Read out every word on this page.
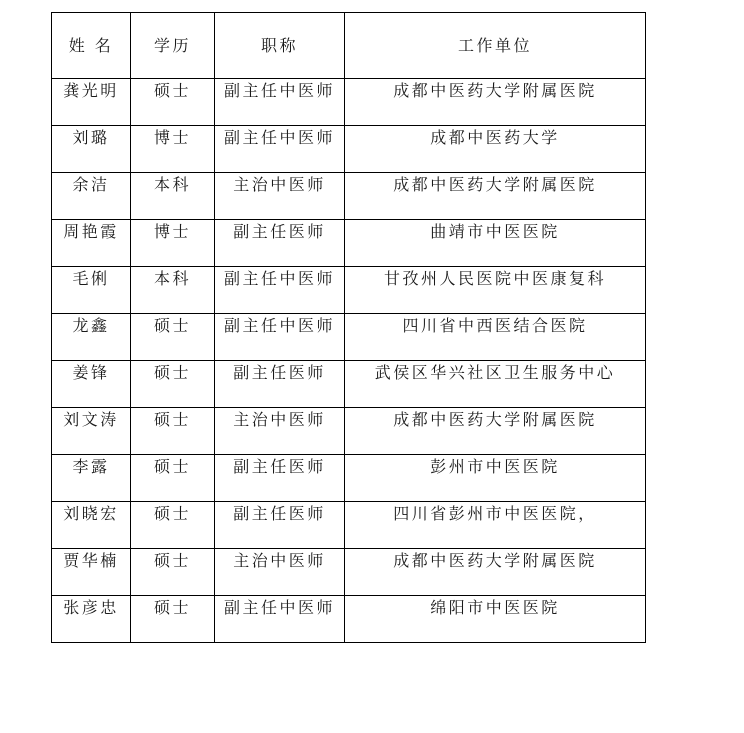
姓 名	学历	职称	工作单位
龚光明	硕士	副主任中医师	成都中医药大学附属医院
刘璐	博士	副主任中医师	成都中医药大学
余洁	本科	主治中医师	成都中医药大学附属医院
周艳霞	博士	副主任医师	曲靖市中医医院
毛俐	本科	副主任中医师	甘孜州人民医院中医康复科
龙鑫	硕士	副主任中医师	四川省中西医结合医院
姜锋	硕士	副主任医师	武侯区华兴社区卫生服务中心
刘文涛	硕士	主治中医师	成都中医药大学附属医院
李露	硕士	副主任医师	彭州市中医医院
刘晓宏	硕士	副主任医师	四川省彭州市中医医院，
贾华楠	硕士	主治中医师	成都中医药大学附属医院
张彦忠	硕士	副主任中医师	绵阳市中医医院
